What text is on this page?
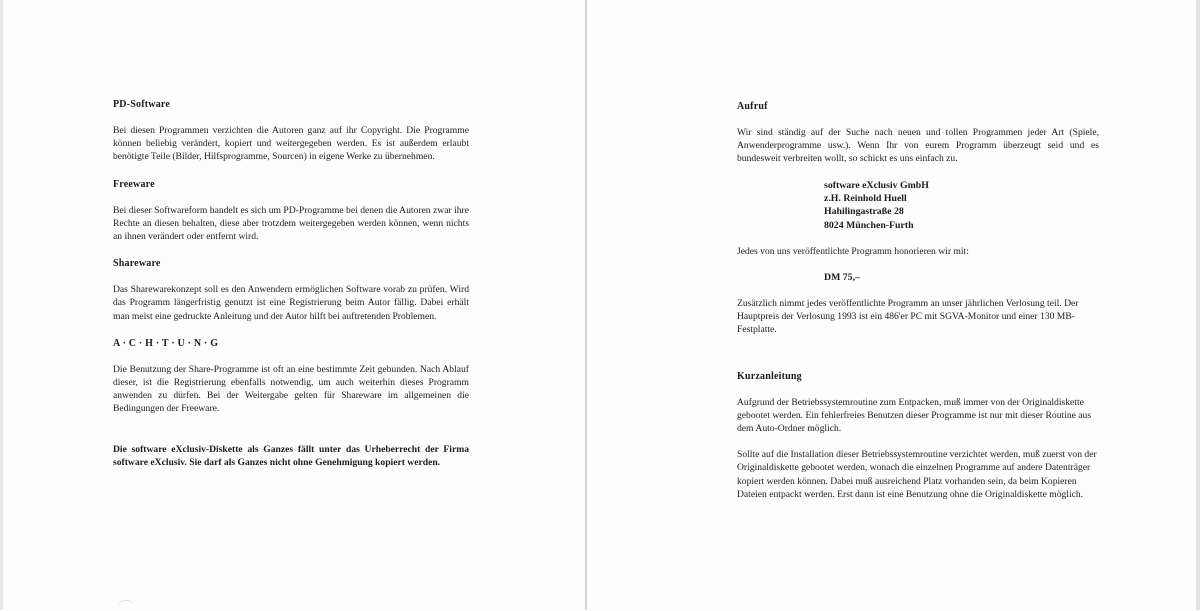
PD-Software

Bei diesen Programmen verzichten die Autoren ganz auf ihr Copyright. Die Programme können beliebig verändert, kopiert und weitergegeben werden. Es ist außerdem erlaubt benötigte Teile (Bilder, Hilfsprogramme, Sourcen) in eigene Werke zu übernehmen.

Freeware

Bei dieser Softwareform handelt es sich um PD-Programme bei denen die Autoren zwar ihre Rechte an diesen behalten, diese aber trotzdem weitergegeben werden können, wenn nichts an ihnen verändert oder entfernt wird.

Shareware

Das Sharewarekonzept soll es den Anwendern ermöglichen Software vorab zu prüfen. Wird das Programm längerfristig genutzt ist eine Registrierung beim Autor fällig. Dabei erhält man meist eine gedruckte Anleitung und der Autor hilft bei auftretenden Problemen.

A · C · H · T · U · N · G

Die Benutzung der Share-Programme ist oft an eine bestimmte Zeit gebunden. Nach Ablauf dieser, ist die Registrierung ebenfalls notwendig, um auch weiterhin dieses Programm anwenden zu dürfen. Bei der Weitergabe gelten für Shareware im allgemeinen die Bedingungen der Freeware.

Die software eXclusiv-Diskette als Ganzes fällt unter das Urheberrecht der Firma software eXclusiv. Sie darf als Ganzes nicht ohne Genehmigung kopiert werden.

Aufruf

Wir sind ständig auf der Suche nach neuen und tollen Programmen jeder Art (Spiele, Anwenderprogramme usw.). Wenn Ihr von eurem Programm überzeugt seid und es bundesweit verbreiten wollt, so schickt es uns einfach zu.

software eXclusiv GmbH
z.H. Reinhold Huell
Hahilingastraße 28
8024 München-Furth

Jedes von uns veröffentlichte Programm honorieren wir mit:

DM 75,–

Zusätzlich nimmt jedes veröffentlichte Programm an unser jährlichen Verlosung teil. Der Hauptpreis der Verlosung 1993 ist ein 486'er PC mit SGVA-Monitor und einer 130 MB-Festplatte.

Kurzanleitung

Aufgrund der Betriebssystemroutine zum Entpacken, muß immer von der Originaldiskette gebootet werden. Ein fehlerfreies Benutzen dieser Programme ist nur mit dieser Routine aus dem Auto-Ordner möglich.

Sollte auf die Installation dieser Betriebssystemroutine verzichtet werden, muß zuerst von der Originaldiskette gebootet werden, wonach die einzelnen Programme auf andere Datenträger kopiert werden können. Dabei muß ausreichend Platz vorhanden sein, da beim Kopieren Dateien entpackt werden. Erst dann ist eine Benutzung ohne die Originaldiskette möglich.
